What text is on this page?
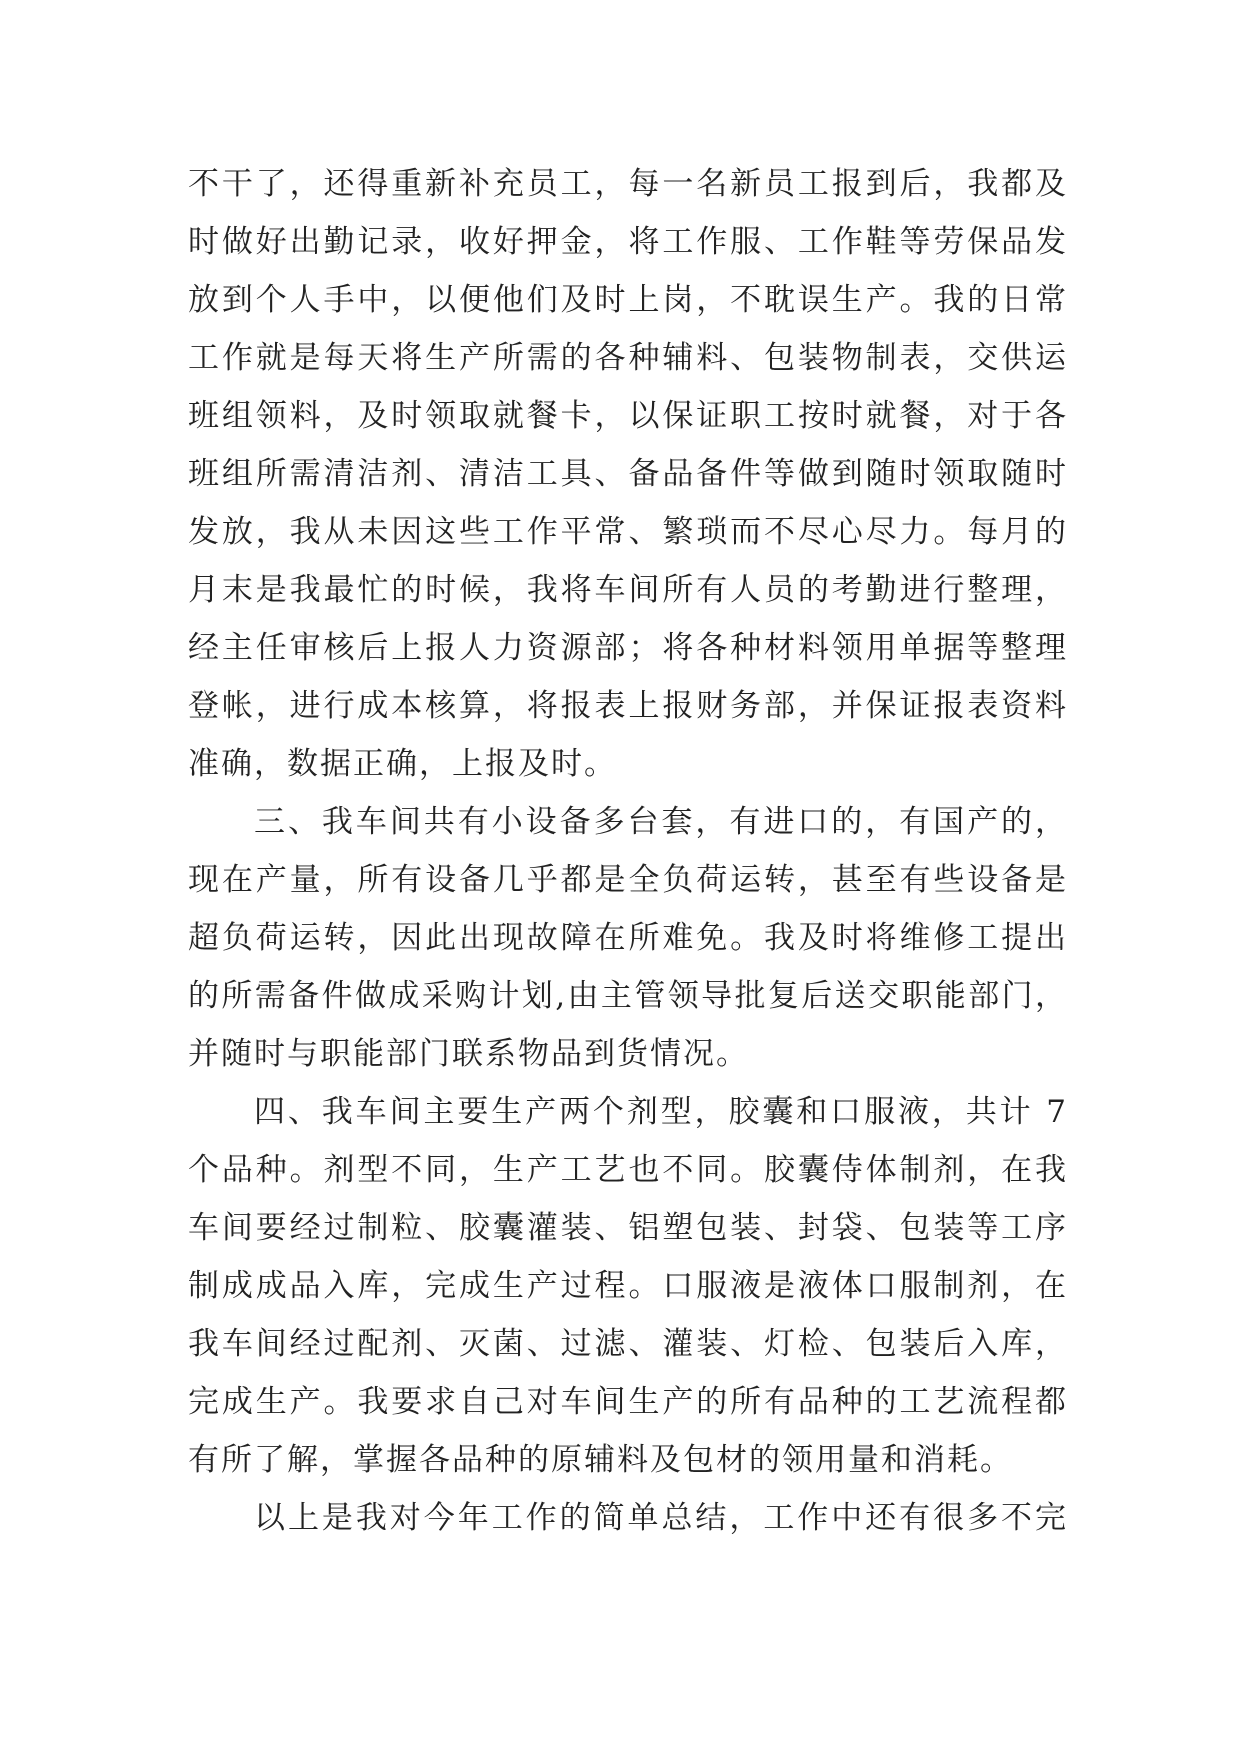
不干了，还得重新补充员工，每一名新员工报到后，我都及
时做好出勤记录，收好押金，将工作服、工作鞋等劳保品发
放到个人手中，以便他们及时上岗，不耽误生产。我的日常
工作就是每天将生产所需的各种辅料、包装物制表，交供运
班组领料，及时领取就餐卡，以保证职工按时就餐，对于各
班组所需清洁剂、清洁工具、备品备件等做到随时领取随时
发放，我从未因这些工作平常、繁琐而不尽心尽力。每月的
月末是我最忙的时候，我将车间所有人员的考勤进行整理，
经主任审核后上报人力资源部；将各种材料领用单据等整理
登帐，进行成本核算，将报表上报财务部，并保证报表资料
准确，数据正确，上报及时。
三、我车间共有小设备多台套，有进口的，有国产的，
现在产量，所有设备几乎都是全负荷运转，甚至有些设备是
超负荷运转，因此出现故障在所难免。我及时将维修工提出
的所需备件做成采购计划,由主管领导批复后送交职能部门，
并随时与职能部门联系物品到货情况。
四、我车间主要生产两个剂型，胶囊和口服液，共计 7
个品种。剂型不同，生产工艺也不同。胶囊侍体制剂，在我
车间要经过制粒、胶囊灌装、铝塑包装、封袋、包装等工序
制成成品入库，完成生产过程。口服液是液体口服制剂，在
我车间经过配剂、灭菌、过滤、灌装、灯检、包装后入库，
完成生产。我要求自己对车间生产的所有品种的工艺流程都
有所了解，掌握各品种的原辅料及包材的领用量和消耗。
以上是我对今年工作的简单总结，工作中还有很多不完
